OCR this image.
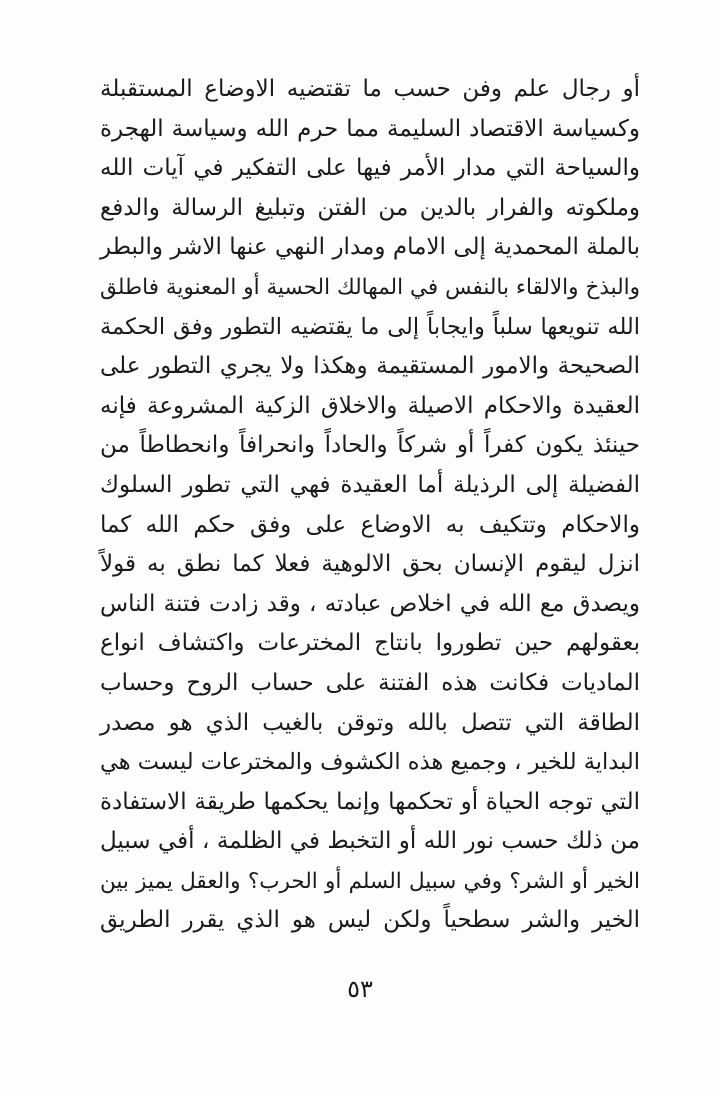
أو رجال علم وفن حسب ما تقتضيه الاوضاع المستقبلة
وكسياسة الاقتصاد السليمة مما حرم الله وسياسة الهجرة
والسياحة التي مدار الأمر فيها على التفكير في آيات الله
وملكوته والفرار بالدين من الفتن وتبليغ الرسالة والدفع
بالملة المحمدية إلى الامام ومدار النهي عنها الاشر والبطر
والبذخ والالقاء بالنفس في المهالك الحسية أو المعنوية فاطلق
الله تنويعها سلباً وايجاباً إلى ما يقتضيه التطور وفق الحكمة
الصحيحة والامور المستقيمة وهكذا ولا يجري التطور على
العقيدة والاحكام الاصيلة والاخلاق الزكية المشروعة فإنه
حينئذ يكون كفراً أو شركاً والحاداً وانحرافاً وانحطاطاً من
الفضيلة إلى الرذيلة أما العقيدة فهي التي تطور السلوك
والاحكام وتتكيف به الاوضاع على وفق حكم الله كما
انزل ليقوم الإنسان بحق الالوهية فعلا كما نطق به قولاً
ويصدق مع الله في اخلاص عبادته ، وقد زادت فتنة الناس
بعقولهم حين تطوروا بانتاج المخترعات واكتشاف انواع
الماديات فكانت هذه الفتنة على حساب الروح وحساب
الطاقة التي تتصل بالله وتوقن بالغيب الذي هو مصدر
البداية للخير ، وجميع هذه الكشوف والمخترعات ليست هي
التي توجه الحياة أو تحكمها وإنما يحكمها طريقة الاستفادة
من ذلك حسب نور الله أو التخبط في الظلمة ، أفي سبيل
الخير أو الشر؟ وفي سبيل السلم أو الحرب؟ والعقل يميز بين
الخير والشر سطحياً ولكن ليس هو الذي يقرر الطريق
٥٣
